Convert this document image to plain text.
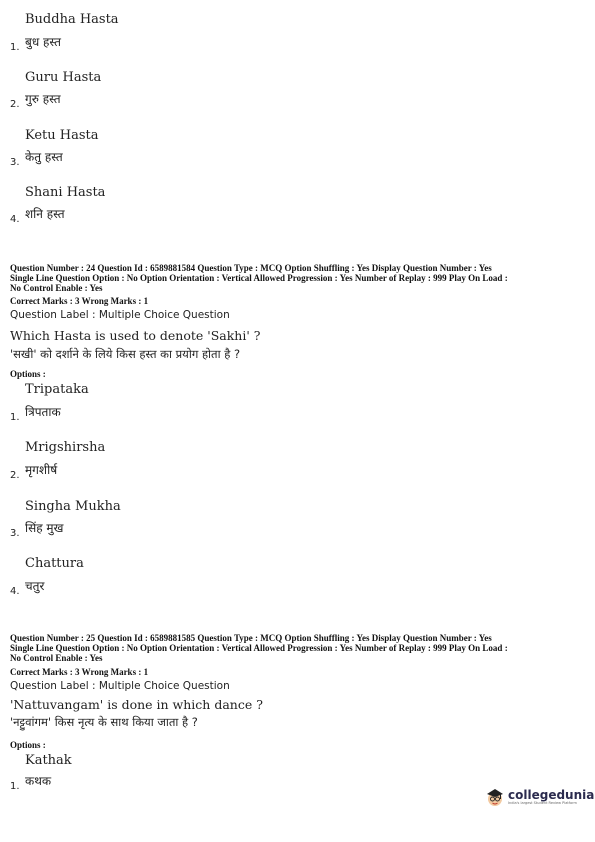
Buddha Hasta
1. बुध हस्त
Guru Hasta
2. गुरु हस्त
Ketu Hasta
3. केतु हस्त
Shani Hasta
4. शनि हस्त
Question Number : 24 Question Id : 6589881584 Question Type : MCQ Option Shuffling : Yes Display Question Number : Yes
Single Line Question Option : No Option Orientation : Vertical Allowed Progression : Yes Number of Replay : 999 Play On Load :
No Control Enable : Yes
Correct Marks : 3 Wrong Marks : 1
Question Label : Multiple Choice Question
Which Hasta is used to denote 'Sakhi' ?
'सखी' को दर्शाने के लिये किस हस्त का प्रयोग होता है ?
Options :
Tripataka
1. त्रिपताक
Mrigshirsha
2. मृगशीर्ष
Singha Mukha
3. सिंह मुख
Chattura
4. चतुर
Question Number : 25 Question Id : 6589881585 Question Type : MCQ Option Shuffling : Yes Display Question Number : Yes
Single Line Question Option : No Option Orientation : Vertical Allowed Progression : Yes Number of Replay : 999 Play On Load :
No Control Enable : Yes
Correct Marks : 3 Wrong Marks : 1
Question Label : Multiple Choice Question
'Nattuvangam' is done in which dance ?
'नट्टुवांगम' किस नृत्य के साथ किया जाता है ?
Options :
Kathak
1. कथक
collegedunia
India's largest Student Review Platform
